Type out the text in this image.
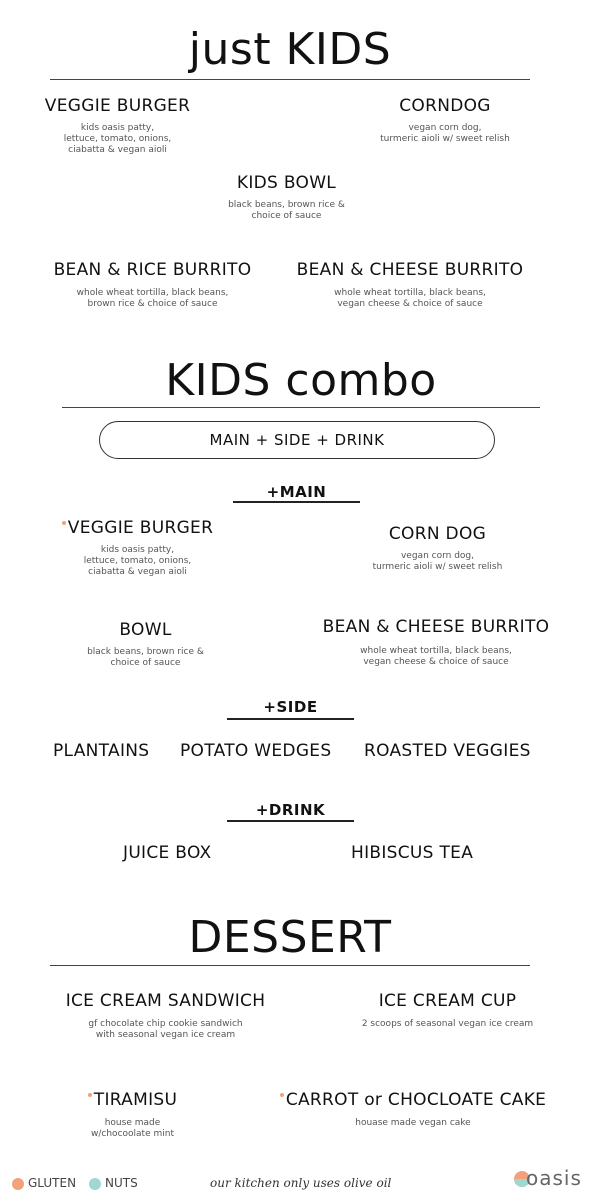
just KIDS
VEGGIE BURGER
kids oasis patty,
lettuce, tomato, onions,
ciabatta & vegan aioli
CORNDOG
vegan corn dog,
turmeric aioli w/ sweet relish
KIDS BOWL
black beans, brown rice &
choice of sauce
BEAN & RICE BURRITO
whole wheat tortilla, black beans,
brown rice & choice of sauce
BEAN & CHEESE BURRITO
whole wheat tortilla, black beans,
vegan cheese & choice of sauce
KIDS combo
MAIN + SIDE + DRINK
+MAIN
VEGGIE BURGER
kids oasis patty,
lettuce, tomato, onions,
ciabatta & vegan aioli
CORN DOG
vegan corn dog,
turmeric aioli w/ sweet relish
BOWL
black beans, brown rice &
choice of sauce
BEAN & CHEESE BURRITO
whole wheat tortilla, black beans,
vegan cheese & choice of sauce
+SIDE
PLANTAINS POTATO WEDGES ROASTED VEGGIES
+DRINK
JUICE BOX	HIBISCUS TEA
DESSERT
ICE CREAM SANDWICH
gf chocolate chip cookie sandwich
with seasonal vegan ice cream
ICE CREAM CUP
2 scoops of seasonal vegan ice cream
TIRAMISU
house made
w/chocoolate mint
CARROT or CHOCLOATE CAKE
houase made vegan cake
GLUTEN	NUTS	our kitchen only uses olive oil	oasis
